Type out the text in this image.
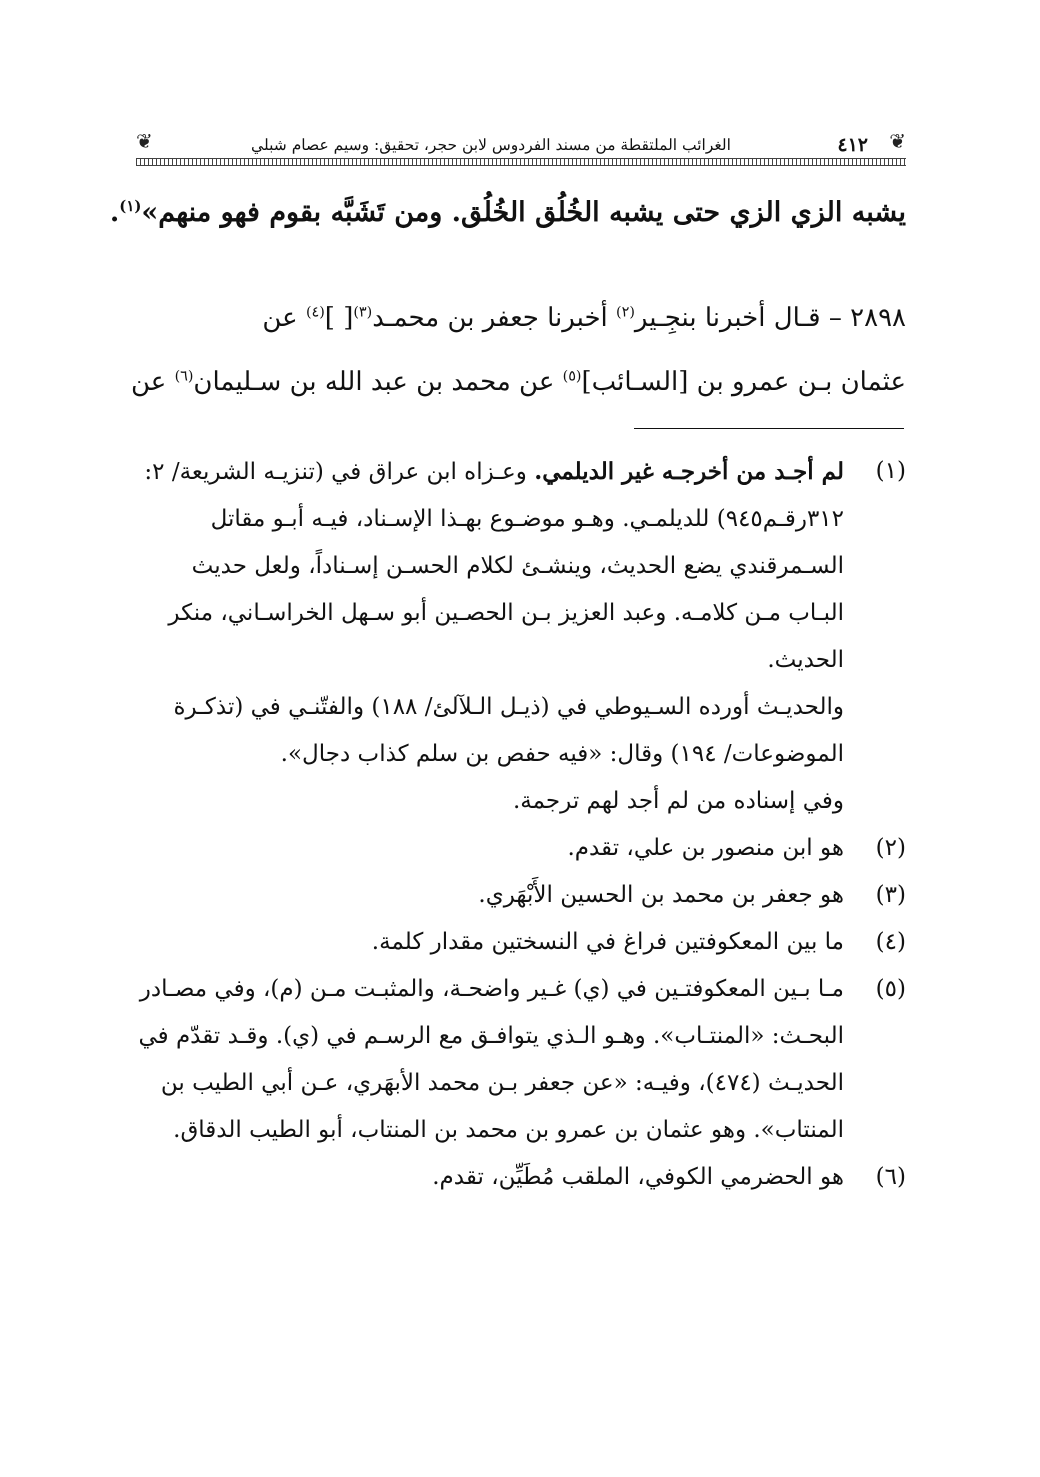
❦
٤١٢
الغرائب الملتقطة من مسند الفردوس لابن حجر، تحقيق: وسيم عصام شبلي
❦
يشبه الزي الزي حتى يشبه الخُلُق الخُلُق. ومن تَشَبَّه بقوم فهو منهم»$^{(١)}$.
٢٨٩٨ – قـال أخبرنا بنجِـير$^{(٢)}$ أخبرنا جعفر بن محمـد$^{(٣)}$[ ]$^{(٤)}$ عن
عثمان بـن عمرو بن [السـائب]$^{(٥)}$ عن محمد بن عبد الله بن سـليمان$^{(٦)}$ عن
(١)
لم أجـد من أخرجـه غير الديلمي. وعـزاه ابن عراق في (تنزيـه الشريعة/ ٢:
٣١٢رقـم٩٤٥) للديلمـي. وهـو موضـوع بهـذا الإسـناد، فيـه أبـو مقاتل
السـمرقندي يضع الحديث، وينشـئ لكلام الحسـن إسـناداً، ولعل حديث
البـاب مـن كلامـه. وعبد العزيز بـن الحصـين أبو سـهل الخراسـاني، منكر
الحديث.
والحديـث أورده السـيوطي في (ذيـل الـلآلئ/ ١٨٨) والفتّنـي في (تذكـرة
الموضوعات/ ١٩٤) وقال: «فيه حفص بن سلم كذاب دجال».
وفي إسناده من لم أجد لهم ترجمة.
(٢)
هو ابن منصور بن علي، تقدم.
(٣)
هو جعفر بن محمد بن الحسين الأَبْهَري.
(٤)
ما بين المعكوفتين فراغ في النسختين مقدار كلمة.
(٥)
مـا بـين المعكوفتـين في (ي) غـير واضحـة، والمثبـت مـن (م)، وفي مصـادر
البحـث: «المنتـاب». وهـو الـذي يتوافـق مع الرسـم في (ي). وقـد تقدّم في
الحديـث (٤٧٤)، وفيـه: «عن جعفر بـن محمد الأبهَري، عـن أبي الطيب بن
المنتاب». وهو عثمان بن عمرو بن محمد بن المنتاب، أبو الطيب الدقاق.
(٦)
هو الحضرمي الكوفي، الملقب مُطَيِّن، تقدم.
